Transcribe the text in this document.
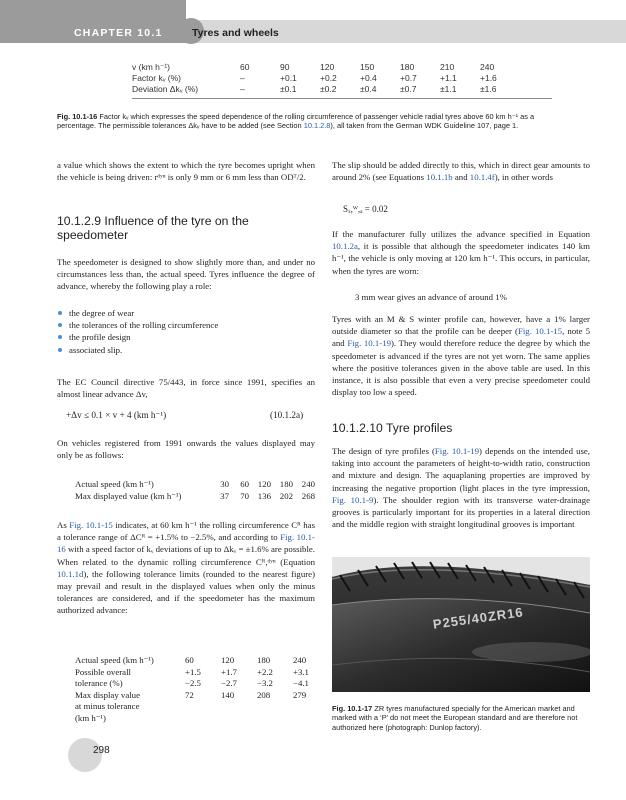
CHAPTER 10.1	Tyres and wheels
v (km h⁻¹)	60	90	120	150	180	210	240
Factor kᵥ (%)	–	+0.1	+0.2	+0.4	+0.7	+1.1	+1.6
Deviation Δkᵥ (%)	–	±0.1	±0.2	±0.4	±0.7	±1.1	±1.6
Fig. 10.1-16 Factor kᵥ which expresses the speed dependence of the rolling circumference of passenger vehicle radial tyres above 60 km h⁻¹ as a percentage. The permissible tolerances Δkᵥ have to be added (see Section 10.1.2.8), all taken from the German WDK Guideline 107, page 1.
a value which shows the extent to which the tyre becomes upright when the vehicle is being driven: rᵈʸⁿ is only 9 mm or 6 mm less than ODᵀ/2.
10.1.2.9 Influence of the tyre on the speedometer
The speedometer is designed to show slightly more than, and under no circumstances less than, the actual speed. Tyres influence the degree of advance, whereby the following play a role:
the degree of wear
the tolerances of the rolling circumference
the profile design
associated slip.
The EC Council directive 75/443, in force since 1991, specifies an almost linear advance Δv,
+Δv ≤ 0.1 × v + 4 (km h⁻¹)	(10.1.2a)
On vehicles registered from 1991 onwards the values displayed may only be as follows:
Actual speed (km h⁻¹)	30	60	120	180	240
Max displayed value (km h⁻¹)	37	70	136	202	268
As Fig. 10.1-15 indicates, at 60 km h⁻¹ the rolling circumference Cᴿ has a tolerance range of ΔCᴿ = +1.5% to −2.5%, and according to Fig. 10.1-16 with a speed factor of kᵥ deviations of up to Δkᵥ = ±1.6% are possible. When related to the dynamic rolling circumference Cᴿ,ᵈʸⁿ (Equation 10.1.1d), the following tolerance limits (rounded to the nearest figure) may prevail and result in the displayed values when only the minus tolerances are considered, and if the speedometer has the maximum authorized advance:
Actual speed (km h⁻¹)	60	120	180	240
Possible overall	+1.5	+1.7	+2.2	+3.1
tolerance (%)	−2.5	−2.7	−3.2	−4.1
Max display value	72	140	208	279
at minus tolerance				
(km h⁻¹)				
The slip should be added directly to this, which in direct gear amounts to around 2% (see Equations 10.1.1b and 10.1.4f), in other words
Sₓ,ᵂ,ₐ = 0.02
If the manufacturer fully utilizes the advance specified in Equation 10.1.2a, it is possible that although the speedometer indicates 140 km h⁻¹, the vehicle is only moving at 120 km h⁻¹. This occurs, in particular, when the tyres are worn:
3 mm wear gives an advance of around 1%
Tyres with an M & S winter profile can, however, have a 1% larger outside diameter so that the profile can be deeper (Fig. 10.1-15, note 5 and Fig. 10.1-19). They would therefore reduce the degree by which the speedometer is advanced if the tyres are not yet worn. The same applies where the positive tolerances given in the above table are used. In this instance, it is also possible that even a very precise speedometer could display too low a speed.
10.1.2.10 Tyre profiles
The design of tyre profiles (Fig. 10.1-19) depends on the intended use, taking into account the parameters of height-to-width ratio, construction and mixture and design. The aquaplaning properties are improved by increasing the negative proportion (light places in the tyre impression, Fig. 10.1-9). The shoulder region with its transverse water-drainage grooves is particularly important for its properties in a lateral direction and the middle region with straight longitudinal grooves is important
P255/40ZR16
Fig. 10.1-17 ZR tyres manufactured specially for the American market and marked with a ‘P’ do not meet the European standard and are therefore not authorized here (photograph: Dunlop factory).
298
